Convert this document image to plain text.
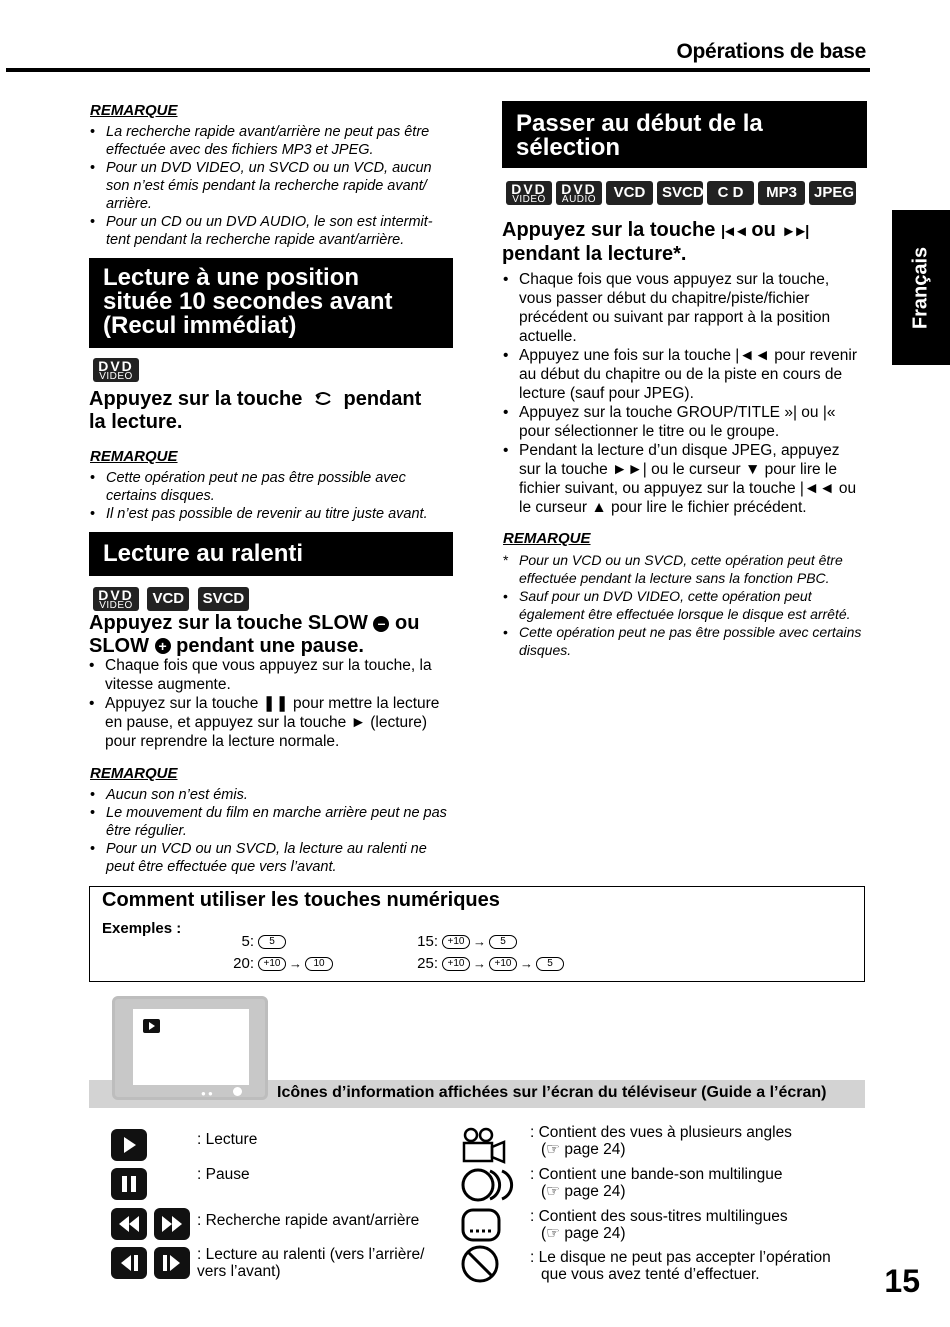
Opérations de base
Français
REMARQUE
• La recherche rapide avant/arrière ne peut pas être effectuée avec des fichiers MP3 et JPEG.
• Pour un DVD VIDEO, un SVCD ou un VCD, aucun son n’est émis pendant la recherche rapide avant/ arrière.
• Pour un CD ou un DVD AUDIO, le son est intermit-tent pendant la recherche rapide avant/arrière.
Lecture à une position
située 10 secondes avant
(Recul immédiat)
DVD
VIDEO
Appuyez sur la touche pendant
la lecture.
REMARQUE
• Cette opération peut ne pas être possible avec certains disques.
• Il n’est pas possible de revenir au titre juste avant.
Lecture au ralenti
DVD
VIDEO	VCD SVCD
Appuyez sur la touche SLOW – ou
SLOW + pendant une pause.
• Chaque fois que vous appuyez sur la touche, la vitesse augmente.
• Appuyez sur la touche ❚❚ pour mettre la lecture en pause, et appuyez sur la touche ► (lecture) pour reprendre la lecture normale.
REMARQUE
• Aucun son n’est émis.
• Le mouvement du film en marche arrière peut ne pas être régulier.
• Pour un VCD ou un SVCD, la lecture au ralenti ne peut être effectuée que vers l’avant.
Passer au début de la
sélection
DVD
VIDEO
DVD
AUDIO	VCD SVCD C D MP3 JPEG
Appuyez sur la touche |◄◄ ou ►►|
pendant la lecture*.
• Chaque fois que vous appuyez sur la touche, vous passer début du chapitre/piste/fichier précédent ou suivant par rapport à la position actuelle.
• Appuyez une fois sur la touche |◄◄ pour revenir au début du chapitre ou de la piste en cours de lecture (sauf pour JPEG).
• Appuyez sur la touche GROUP/TITLE »| ou |« pour sélectionner le titre ou le groupe.
• Pendant la lecture d’un disque JPEG, appuyez sur la touche ►►| ou le curseur ▼ pour lire le fichier suivant, ou appuyez sur la touche |◄◄ ou le curseur ▲ pour lire le fichier précédent.
REMARQUE
* Pour un VCD ou un SVCD, cette opération peut être effectuée pendant la lecture sans la fonction PBC.
• Sauf pour un DVD VIDEO, cette opération peut également être effectuée lorsque le disque est arrêté.
• Cette opération peut ne pas être possible avec certains disques.
Comment utiliser les touches numériques
Exemples :
5: 5
20: +10 → 10
15: +10 → 5
25: +10 → +10 → 5
Icônes d’information affichées sur l’écran du téléviseur (Guide a l’écran)
● ●
: Lecture
: Pause
: Recherche rapide avant/arrière
: Lecture au ralenti (vers l’arrière/ vers l’avant)
: Contient des vues à plusieurs angles
(☞ page 24)
: Contient une bande-son multilingue
(☞ page 24)
: Contient des sous-titres multilingues
(☞ page 24)
: Le disque ne peut pas accepter l’opération
que vous avez tenté d’effectuer.	15
